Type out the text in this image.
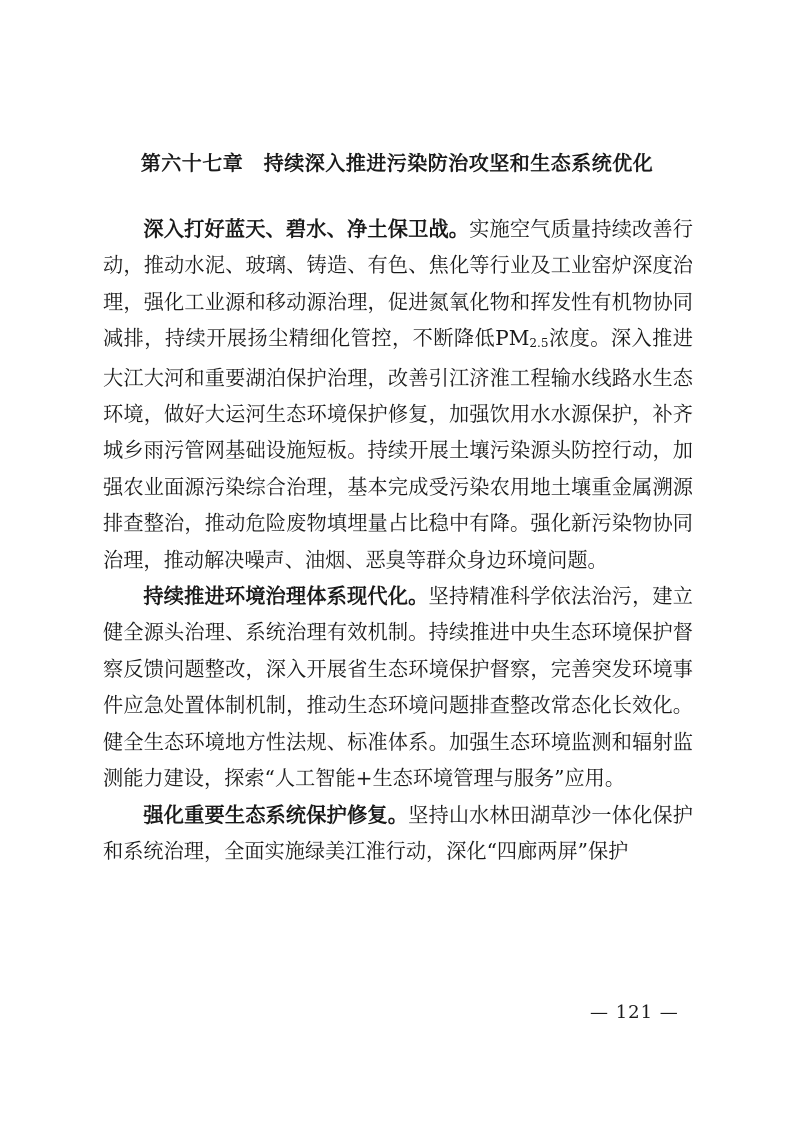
第六十七章　持续深入推进污染防治攻坚和生态系统优化

深入打好蓝天、碧水、净土保卫战。实施空气质量持续改善行动，推动水泥、玻璃、铸造、有色、焦化等行业及工业窑炉深度治理，强化工业源和移动源治理，促进氮氧化物和挥发性有机物协同减排，持续开展扬尘精细化管控，不断降低$PM_{2.5}$浓度。深入推进大江大河和重要湖泊保护治理，改善引江济淮工程输水线路水生态环境，做好大运河生态环境保护修复，加强饮用水水源保护，补齐城乡雨污管网基础设施短板。持续开展土壤污染源头防控行动，加强农业面源污染综合治理，基本完成受污染农用地土壤重金属溯源排查整治，推动危险废物填埋量占比稳中有降。强化新污染物协同治理，推动解决噪声、油烟、恶臭等群众身边环境问题。

持续推进环境治理体系现代化。坚持精准科学依法治污，建立健全源头治理、系统治理有效机制。持续推进中央生态环境保护督察反馈问题整改，深入开展省生态环境保护督察，完善突发环境事件应急处置体制机制，推动生态环境问题排查整改常态化长效化。健全生态环境地方性法规、标准体系。加强生态环境监测和辐射监测能力建设，探索“人工智能+生态环境管理与服务”应用。

强化重要生态系统保护修复。坚持山水林田湖草沙一体化保护和系统治理，全面实施绿美江淮行动，深化“四廊两屏”保护

— 121 —
